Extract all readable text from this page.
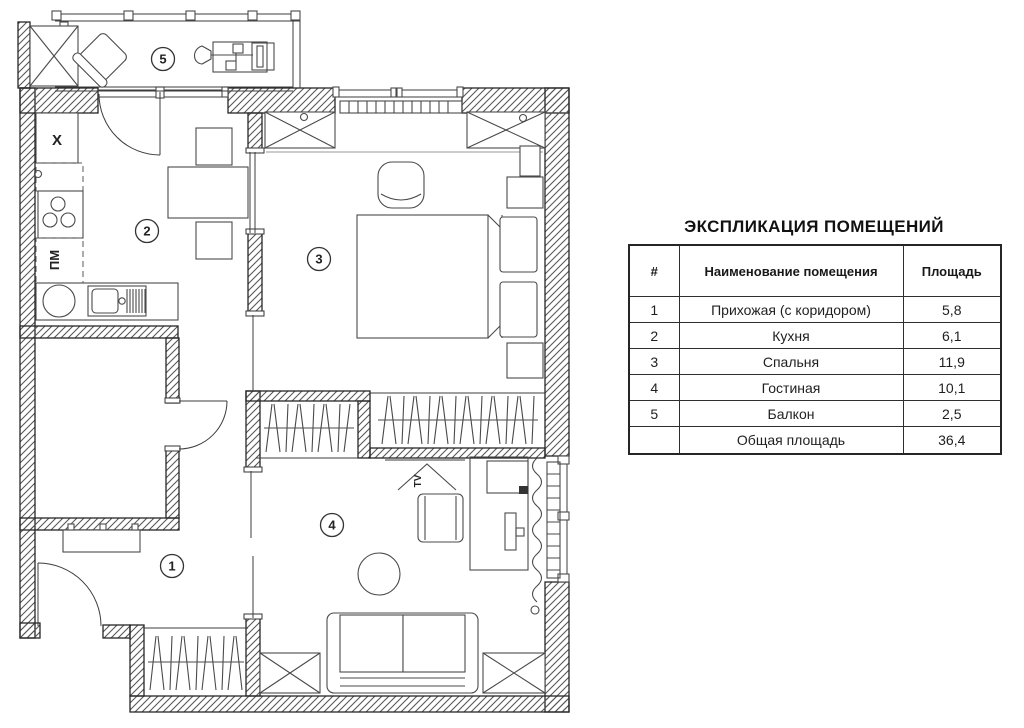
1
2
3
4
5
X
ПМ
TV
ЭКСПЛИКАЦИЯ ПОМЕЩЕНИЙ
#	Наименование помещения	Площадь
1	Прихожая (с коридором)	5,8
2	Кухня	6,1
3	Спальня	11,9
4	Гостиная	10,1
5	Балкон	2,5
	Общая площадь	36,4
